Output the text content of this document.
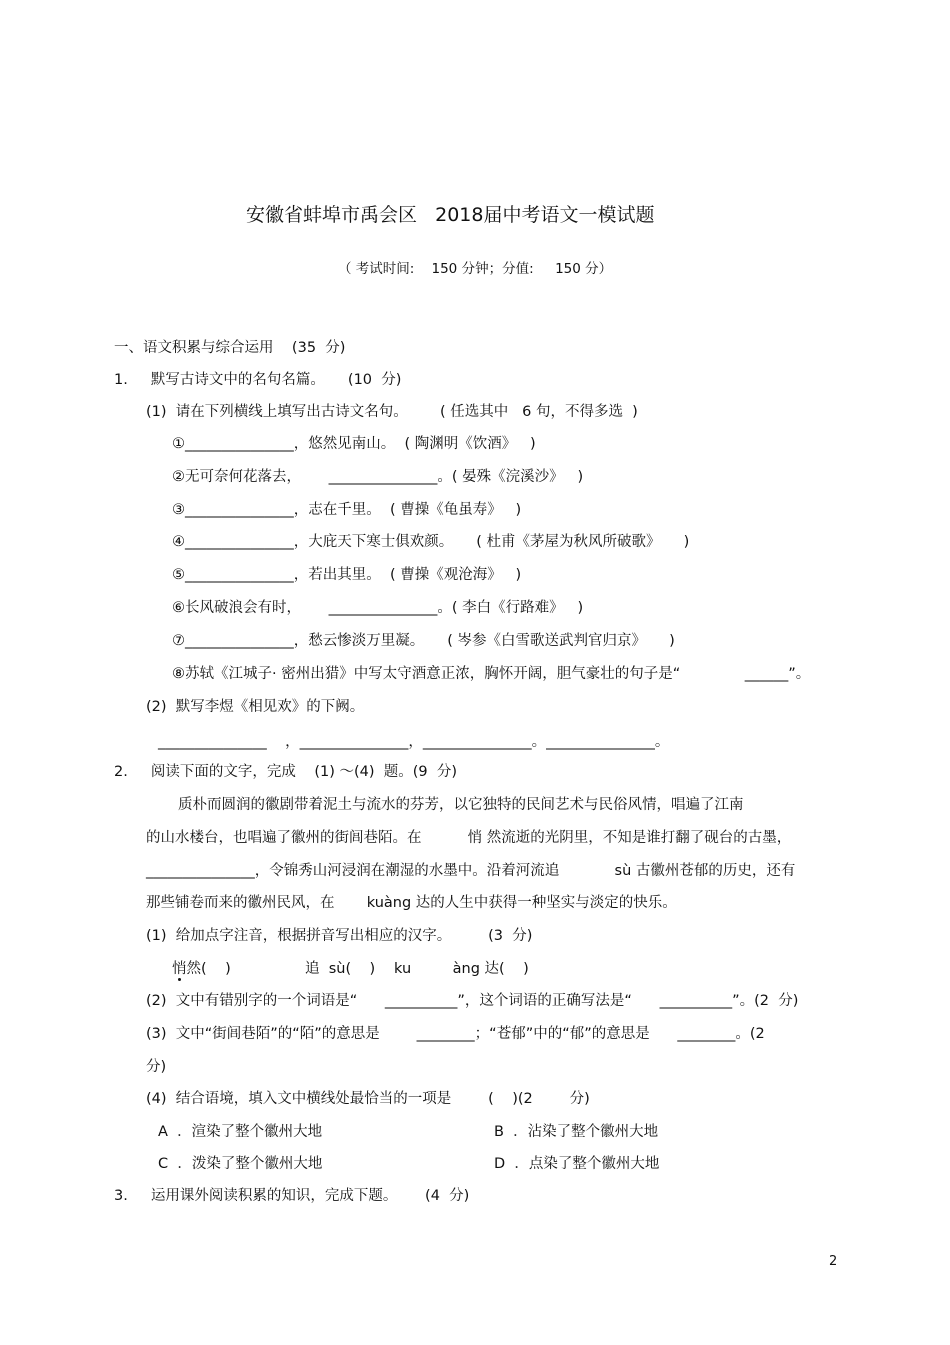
安徽省蚌埠市禹会区   2018届中考语文一模试题
（ 考试时间:    150 分钟；分值:     150 分）
一、语文积累与综合运用    (35  分)
1.     默写古诗文中的名句名篇。     (10  分)
(1)  请在下列横线上填写出古诗文名句。       ( 任选其中   6 句，不得多选  )
①_______________，悠然见南山。  ( 陶渊明《饮酒》   )
②无可奈何花落去，      _______________。( 晏殊《浣溪沙》   )
③_______________，志在千里。  ( 曹操《龟虽寿》   )
④_______________，大庇天下寒士俱欢颜。     ( 杜甫《茅屋为秋风所破歌》     )
⑤_______________，若出其里。  ( 曹操《观沧海》   )
⑥长风破浪会有时，      _______________。( 李白《行路难》   )
⑦_______________，愁云惨淡万里凝。     ( 岑参《白雪歌送武判官归京》     )
⑧苏轼《江城子· 密州出猎》中写太守酒意正浓，胸怀开阔，胆气豪壮的句子是“              ______”。
(2)  默写李煜《相见欢》的下阙。
_______________    ，_______________，_______________。_______________。
2.     阅读下面的文字，完成    (1) ～(4)  题。(9  分)
质朴而圆润的徽剧带着泥土与流水的芬芳，以它独特的民间艺术与民俗风情，唱遍了江南
的山水楼台，也唱遍了徽州的街闾巷陌。在          悄 然流逝的光阴里，不知是谁打翻了砚台的古墨，
_______________，令锦秀山河浸润在潮湿的水墨中。沿着河流追            sù 古徽州苍郁的历史，还有
那些铺卷而来的徽州民风，在       kuàng 达的人生中获得一种坚实与淡定的快乐。
(1)  给加点字注音，根据拼音写出相应的汉字。        (3  分)
悄然(    )	追  sù(    ) ku         àng 达(    )
(2)  文中有错别字的一个词语是“      __________”，这个词语的正确写法是“      __________”。(2  分)
(3)  文中“街闾巷陌”的“陌”的意思是        ________；“苍郁”中的“郁”的意思是      ________。(2
分)
(4)  结合语境，填入文中横线处最恰当的一项是        (    )(2        分)
A  ．渲染了整个徽州大地	B  ．沾染了整个徽州大地
C  ．泼染了整个徽州大地	D  ．点染了整个徽州大地
3.     运用课外阅读积累的知识，完成下题。      (4  分)
2
